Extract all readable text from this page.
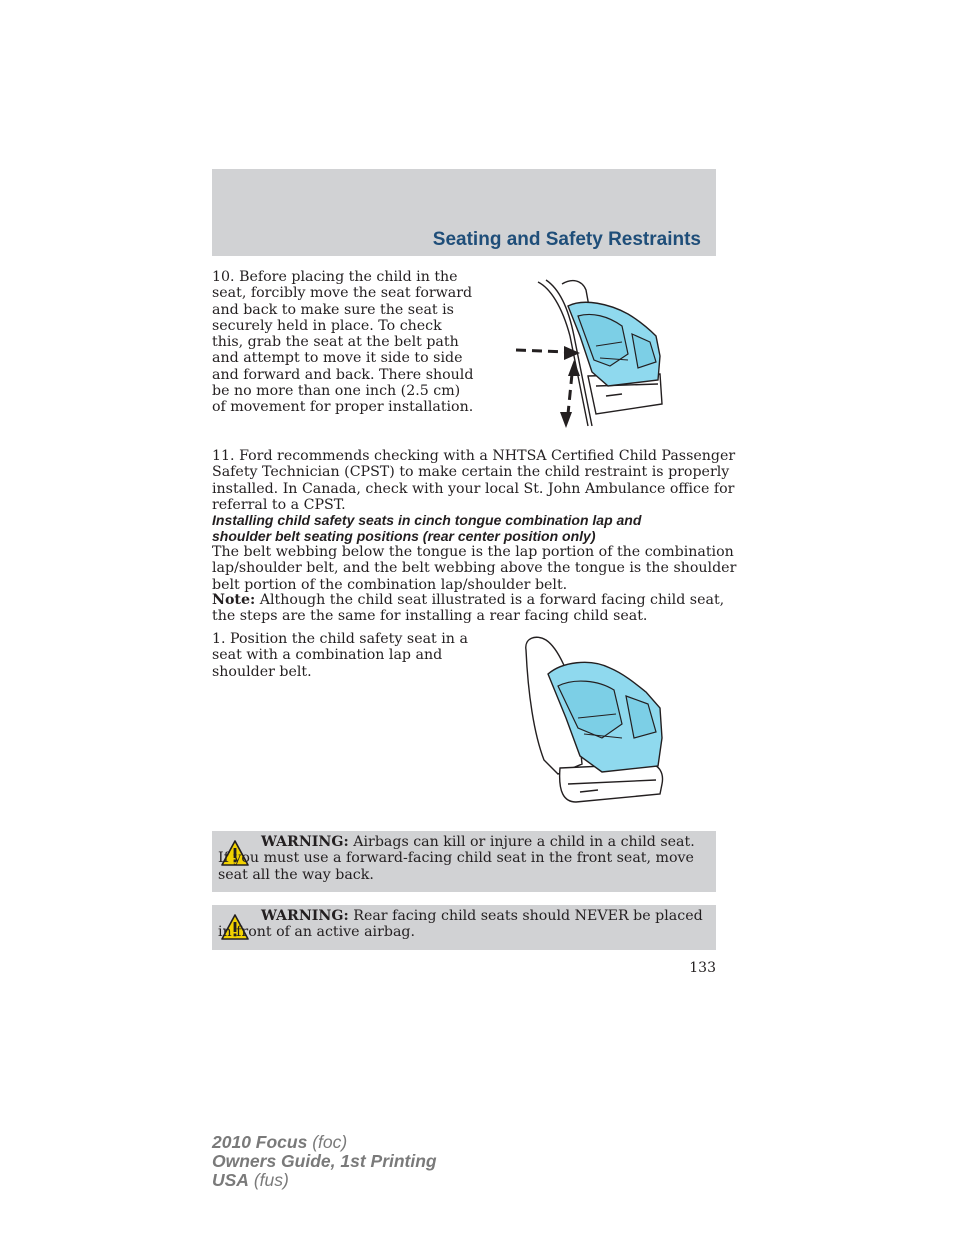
Seating and Safety Restraints
10. Before placing the child in the
seat, forcibly move the seat forward
and back to make sure the seat is
securely held in place. To check
this, grab the seat at the belt path
and attempt to move it side to side
and forward and back. There should
be no more than one inch (2.5 cm)
of movement for proper installation.
11. Ford recommends checking with a NHTSA Certified Child Passenger
Safety Technician (CPST) to make certain the child restraint is properly
installed. In Canada, check with your local St. John Ambulance office for
referral to a CPST.
Installing child safety seats in cinch tongue combination lap and
shoulder belt seating positions (rear center position only)
The belt webbing below the tongue is the lap portion of the combination
lap/shoulder belt, and the belt webbing above the tongue is the shoulder
belt portion of the combination lap/shoulder belt.
Note: Although the child seat illustrated is a forward facing child seat,
the steps are the same for installing a rear facing child seat.
1. Position the child safety seat in a
seat with a combination lap and
shoulder belt.
WARNING: Airbags can kill or injure a child in a child seat. If you must use a forward-facing child seat in the front seat, move seat all the way back.
WARNING: Rear facing child seats should NEVER be placed in front of an active airbag.
133
2010 Focus (foc)
Owners Guide, 1st Printing
USA (fus)
